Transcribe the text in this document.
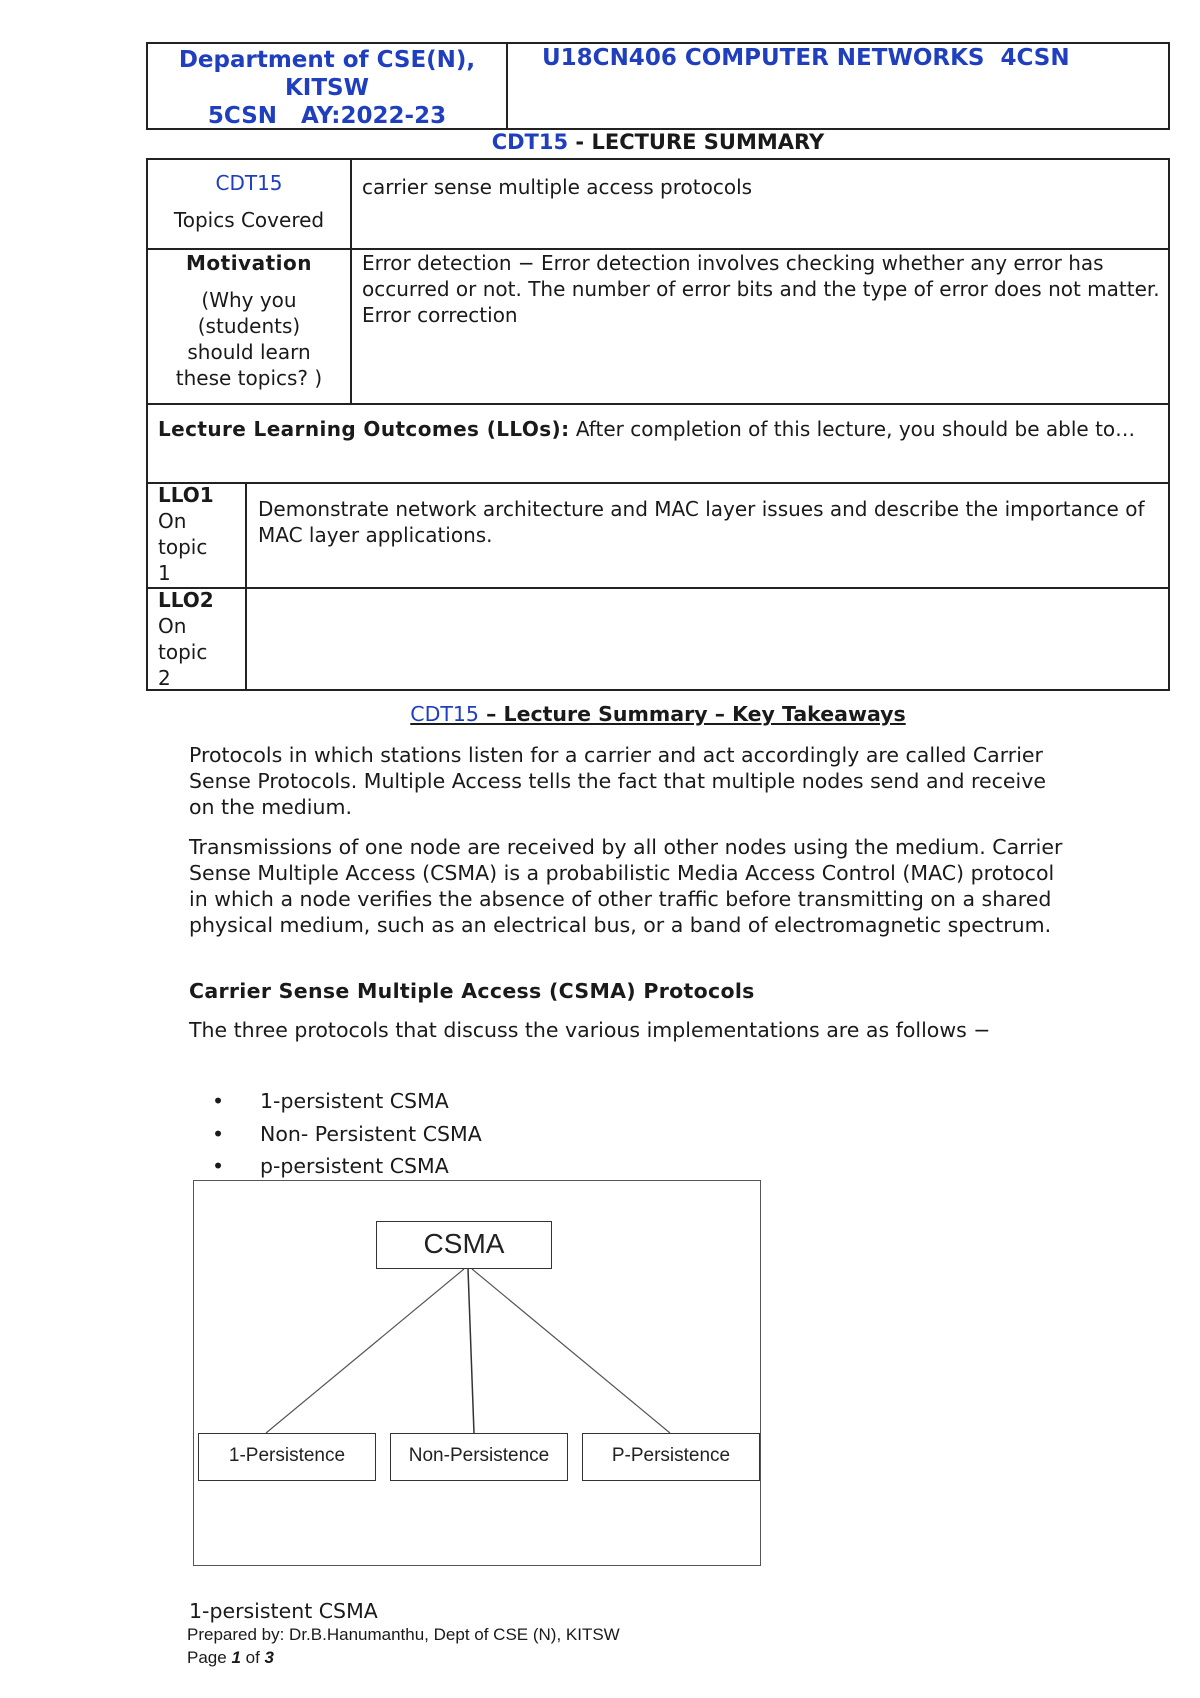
Department of CSE(N),
KITSW
5CSN   AY:2022-23
U18CN406 COMPUTER NETWORKS  4CSN
CDT15 - LECTURE SUMMARY
CDT15
Topics Covered
carrier sense multiple access protocols
Motivation
(Why you
(students)
should learn
these topics? )
Error detection − Error detection involves checking whether any error has occurred or not. The number of error bits and the type of error does not matter. Error correction
Lecture Learning Outcomes (LLOs): After completion of this lecture, you should be able to…
LLO1
On
topic
1
Demonstrate network architecture and MAC layer issues and describe the importance of MAC layer applications.
LLO2
On
topic
2
CDT15 – Lecture Summary – Key Takeaways
Protocols in which stations listen for a carrier and act accordingly are called Carrier Sense Protocols. Multiple Access tells the fact that multiple nodes send and receive on the medium.
Transmissions of one node are received by all other nodes using the medium. Carrier Sense Multiple Access (CSMA) is a probabilistic Media Access Control (MAC) protocol in which a node verifies the absence of other traffic before transmitting on a shared physical medium, such as an electrical bus, or a band of electromagnetic spectrum.
Carrier Sense Multiple Access (CSMA) Protocols
The three protocols that discuss the various implementations are as follows −
• 1-persistent CSMA
• Non- Persistent CSMA
• p-persistent CSMA
CSMA
1-Persistence	Non-Persistence	P-Persistence
1-persistent CSMA
Prepared by: Dr.B.Hanumanthu, Dept of CSE (N), KITSW
Page 1 of 3
